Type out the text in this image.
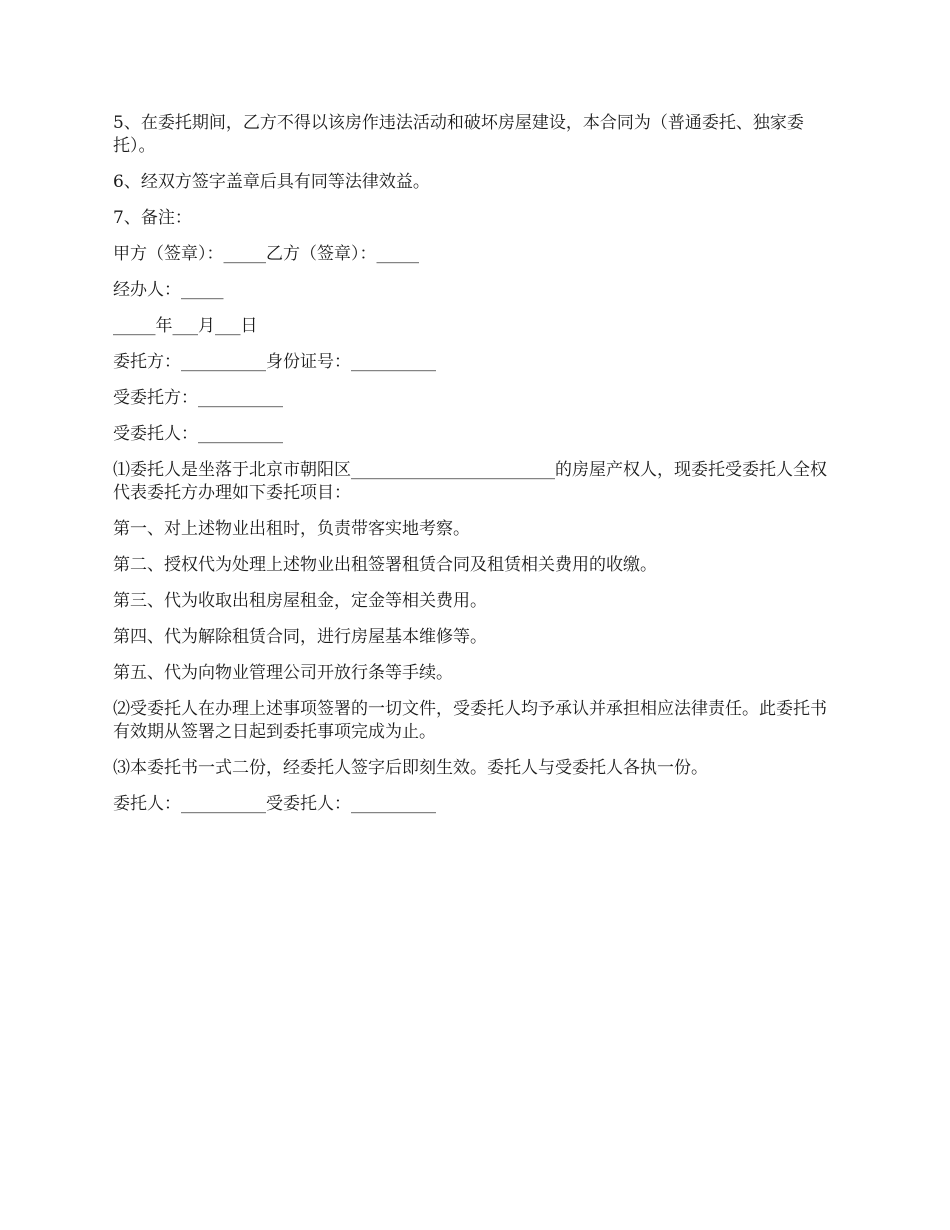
5、在委托期间，乙方不得以该房作违法活动和破坏房屋建设，本合同为（普通委托、独家委托）。

6、经双方签字盖章后具有同等法律效益。

7、备注：

甲方（签章）：_____乙方（签章）：_____

经办人：_____

_____年___月___日

委托方：__________身份证号：__________

受委托方：__________

受委托人：__________

⑴委托人是坐落于北京市朝阳区________________________的房屋产权人，现委托受委托人全权代表委托方办理如下委托项目：

第一、对上述物业出租时，负责带客实地考察。

第二、授权代为处理上述物业出租签署租赁合同及租赁相关费用的收缴。

第三、代为收取出租房屋租金，定金等相关费用。

第四、代为解除租赁合同，进行房屋基本维修等。

第五、代为向物业管理公司开放行条等手续。

⑵受委托人在办理上述事项签署的一切文件，受委托人均予承认并承担相应法律责任。此委托书有效期从签署之日起到委托事项完成为止。

⑶本委托书一式二份，经委托人签字后即刻生效。委托人与受委托人各执一份。

委托人：__________受委托人：__________
